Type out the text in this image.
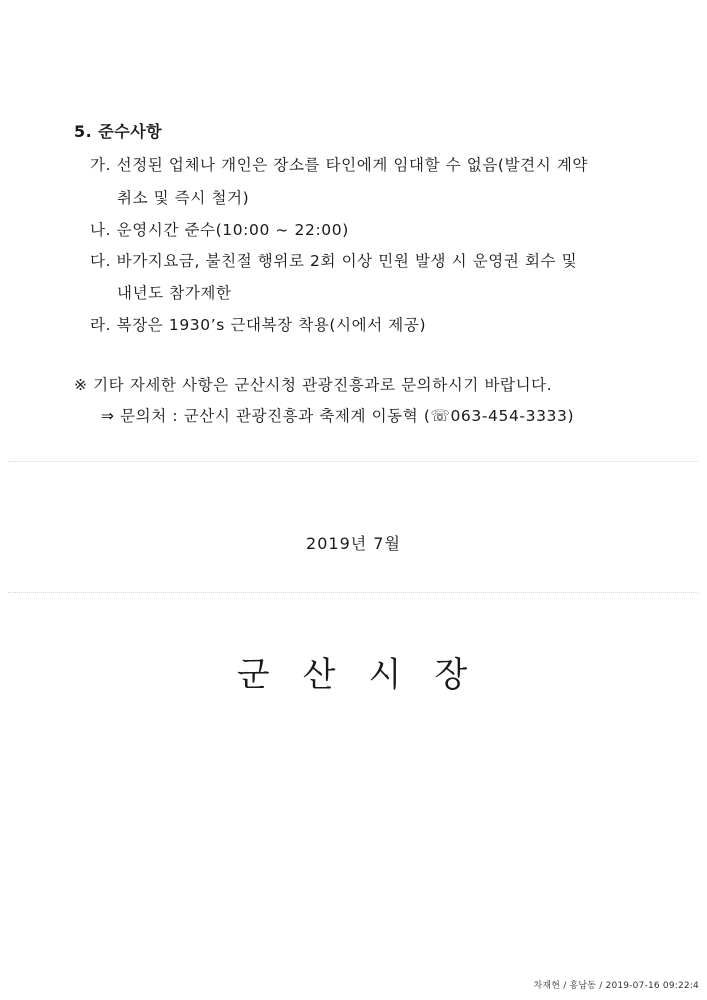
5. 준수사항
가. 선정된 업체나 개인은 장소를 타인에게 임대할 수 없음(발견시 계약
취소 및 즉시 철거)
나. 운영시간 준수(10:00 ~ 22:00)
다. 바가지요금, 불친절 행위로 2회 이상 민원 발생 시 운영권 회수 및
내년도 참가제한
라. 복장은 1930’s 근대복장 착용(시에서 제공)
※ 기타 자세한 사항은 군산시청 관광진흥과로 문의하시기 바랍니다.
⇒ 문의처 : 군산시 관광진흥과 축제계 이동혁 (☏063-454-3333)
2019년 7월
군산시장
차재현 / 홍남동 / 2019-07-16 09:22:4
